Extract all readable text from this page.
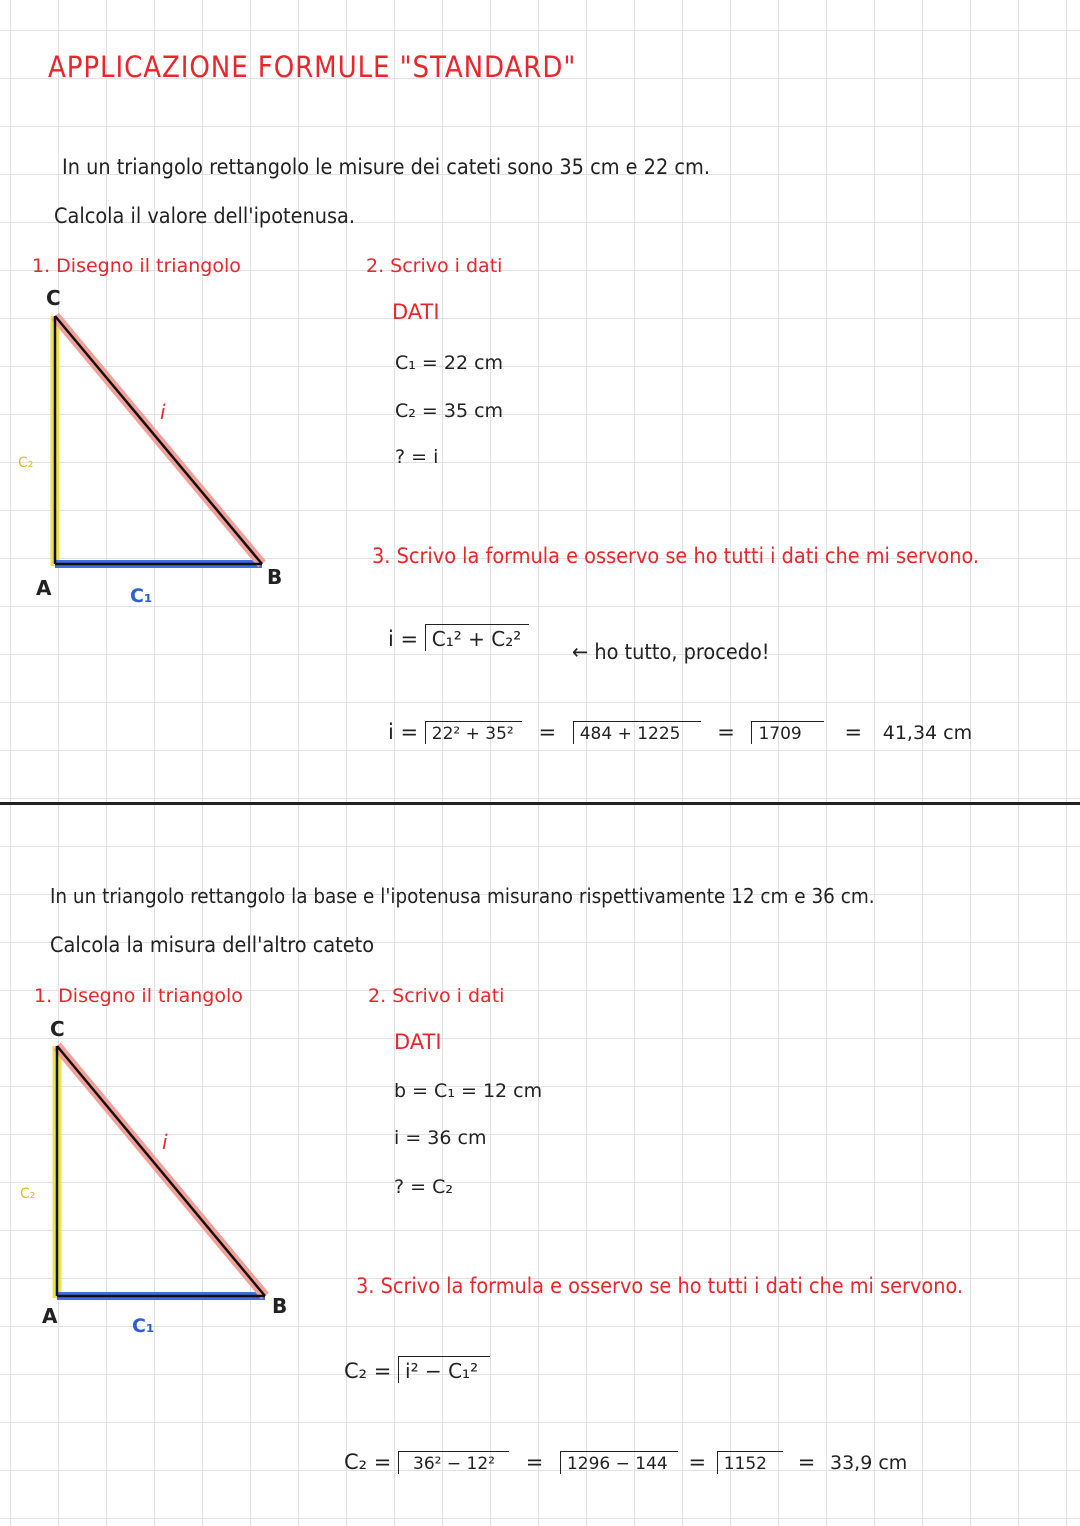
APPLICAZIONE FORMULE "STANDARD"
In un triangolo rettangolo le misure dei cateti sono 35 cm e 22 cm.
Calcola il valore dell'ipotenusa.
1. Disegno il triangolo	2. Scrivo i dati
C
A	B
i
C₁
C₂
DATI
C₁ = 22 cm
C₂ = 35 cm
? = i
3. Scrivo la formula e osservo se ho tutti i dati che mi servono.
i = C₁² + C₂²
← ho tutto, procedo!
i = 22² + 35² = 484 + 1225 = 1709 = 41,34 cm
In un triangolo rettangolo la base e l'ipotenusa misurano rispettivamente 12 cm e 36 cm.
Calcola la misura dell'altro cateto
1. Disegno il triangolo	2. Scrivo i dati
C
A	B
i
C₁
C₂
DATI
b = C₁ = 12 cm
i = 36 cm
? = C₂
3. Scrivo la formula e osservo se ho tutti i dati che mi servono.
C₂ = i² − C₁²
C₂ = 36² − 12² = 1296 − 144 = 1152 = 33,9 cm
